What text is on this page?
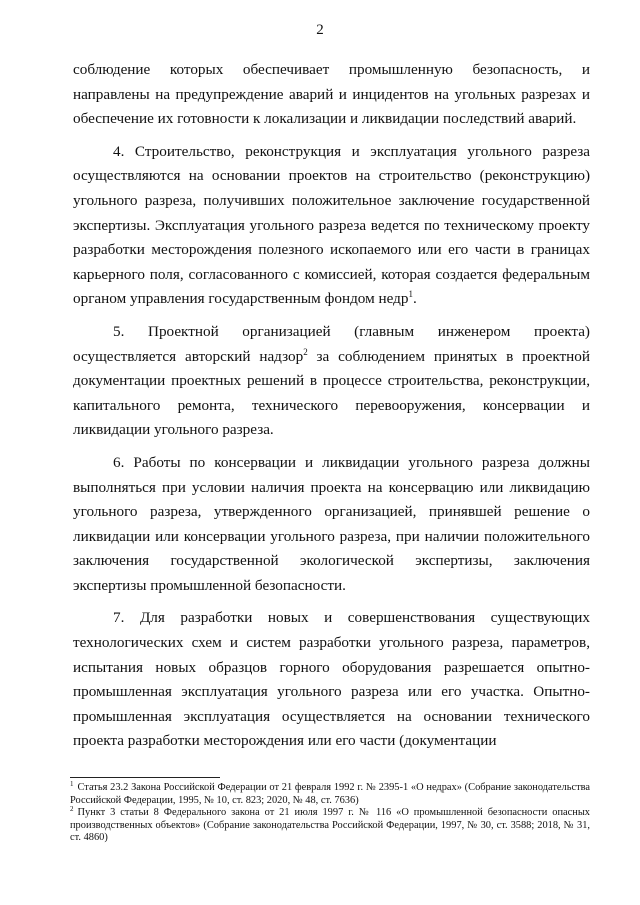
2

соблюдение которых обеспечивает промышленную безопасность, и направлены на предупреждение аварий и инцидентов на угольных разрезах и обеспечение их готовности к локализации и ликвидации последствий аварий.

4. Строительство, реконструкция и эксплуатация угольного разреза осуществляются на основании проектов на строительство (реконструкцию) угольного разреза, получивших положительное заключение государственной экспертизы. Эксплуатация угольного разреза ведется по техническому проекту разработки месторождения полезного ископаемого или его части в границах карьерного поля, согласованного с комиссией, которая создается федеральным органом управления государственным фондом недр$^1$.

5. Проектной организацией (главным инженером проекта) осуществляется авторский надзор$^2$ за соблюдением принятых в проектной документации проектных решений в процессе строительства, реконструкции, капитального ремонта, технического перевооружения, консервации и ликвидации угольного разреза.

6. Работы по консервации и ликвидации угольного разреза должны выполняться при условии наличия проекта на консервацию или ликвидацию угольного разреза, утвержденного организацией, принявшей решение о ликвидации или консервации угольного разреза, при наличии положительного заключения государственной экологической экспертизы, заключения экспертизы промышленной безопасности.

7. Для разработки новых и совершенствования существующих технологических схем и систем разработки угольного разреза, параметров, испытания новых образцов горного оборудования разрешается опытно-промышленная эксплуатация угольного разреза или его участка. Опытно-промышленная эксплуатация осуществляется на основании технического проекта разработки месторождения или его части (документации

$^1$ Статья 23.2 Закона Российской Федерации от 21 февраля 1992 г. № 2395-1 «О недрах» (Собрание законодательства Российской Федерации, 1995, № 10, ст. 823; 2020, № 48, ст. 7636)

$^2$ Пункт 3 статьи 8 Федерального закона от 21 июля 1997 г. № 116 «О промышленной безопасности опасных производственных объектов» (Собрание законодательства Российской Федерации, 1997, № 30, ст. 3588; 2018, № 31, ст. 4860)
